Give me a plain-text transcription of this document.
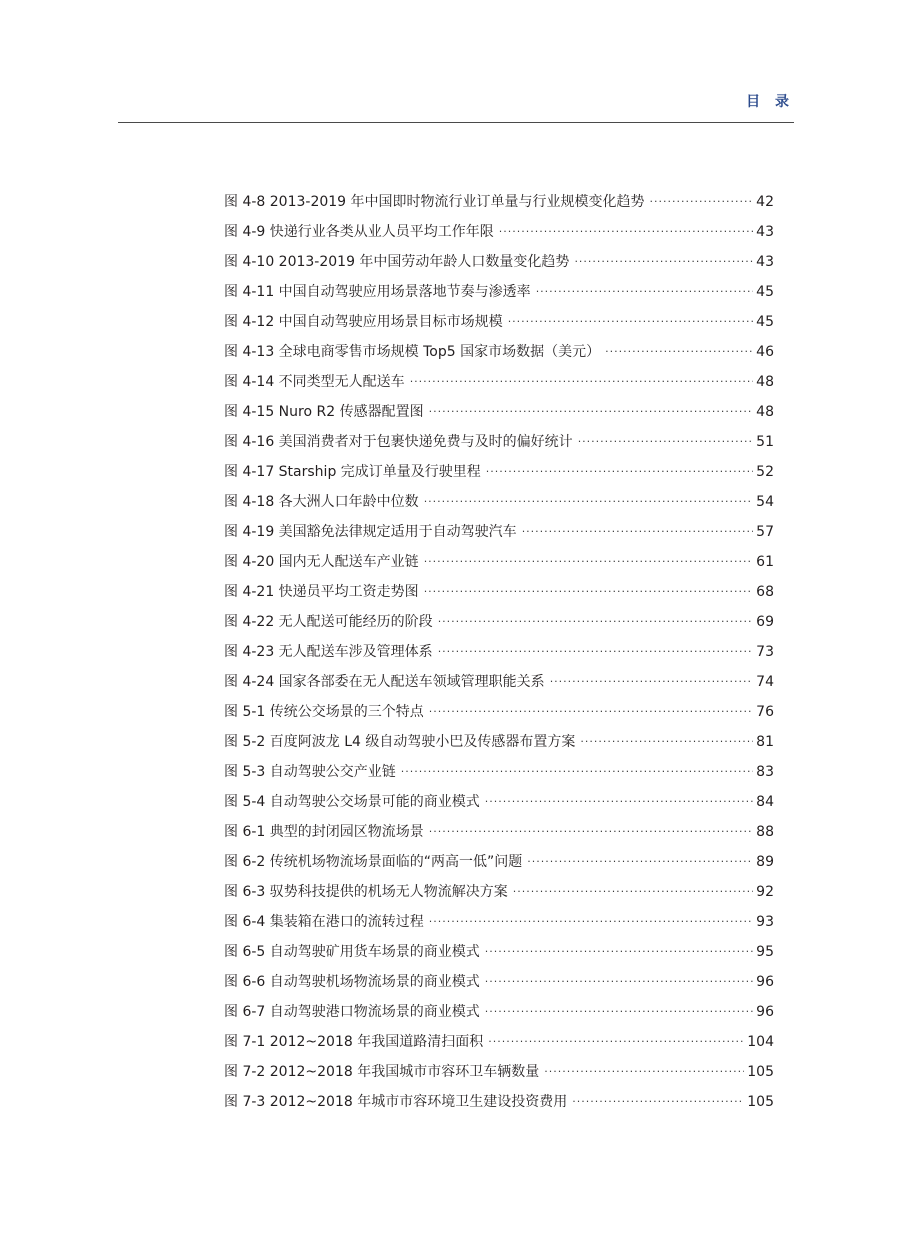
目 录
图 4-8 2013-2019 年中国即时物流行业订单量与行业规模变化趋势 ·····	42
图 4-9 快递行业各类从业人员平均工作年限 ·····	43
图 4-10 2013-2019 年中国劳动年龄人口数量变化趋势 ·····	43
图 4-11 中国自动驾驶应用场景落地节奏与渗透率 ·····	45
图 4-12 中国自动驾驶应用场景目标市场规模 ·····	45
图 4-13 全球电商零售市场规模 Top5 国家市场数据（美元） ·····	46
图 4-14 不同类型无人配送车 ·····	48
图 4-15 Nuro R2 传感器配置图 ·····	48
图 4-16 美国消费者对于包裹快递免费与及时的偏好统计 ·····	51
图 4-17 Starship 完成订单量及行驶里程 ·····	52
图 4-18 各大洲人口年龄中位数 ·····	54
图 4-19 美国豁免法律规定适用于自动驾驶汽车 ·····	57
图 4-20 国内无人配送车产业链 ·····	61
图 4-21 快递员平均工资走势图 ·····	68
图 4-22 无人配送可能经历的阶段 ·····	69
图 4-23 无人配送车涉及管理体系 ·····	73
图 4-24 国家各部委在无人配送车领域管理职能关系 ·····	74
图 5-1 传统公交场景的三个特点 ·····	76
图 5-2 百度阿波龙 L4 级自动驾驶小巴及传感器布置方案 ·····	81
图 5-3 自动驾驶公交产业链 ·····	83
图 5-4 自动驾驶公交场景可能的商业模式 ·····	84
图 6-1 典型的封闭园区物流场景 ·····	88
图 6-2 传统机场物流场景面临的“两高一低”问题 ·····	89
图 6-3 驭势科技提供的机场无人物流解决方案 ·····	92
图 6-4 集装箱在港口的流转过程 ·····	93
图 6-5 自动驾驶矿用货车场景的商业模式 ·····	95
图 6-6 自动驾驶机场物流场景的商业模式 ·····	96
图 6-7 自动驾驶港口物流场景的商业模式 ·····	96
图 7-1 2012~2018 年我国道路清扫面积 ·····	104
图 7-2 2012~2018 年我国城市市容环卫车辆数量 ·····	105
图 7-3 2012~2018 年城市市容环境卫生建设投资费用 ·····	105
